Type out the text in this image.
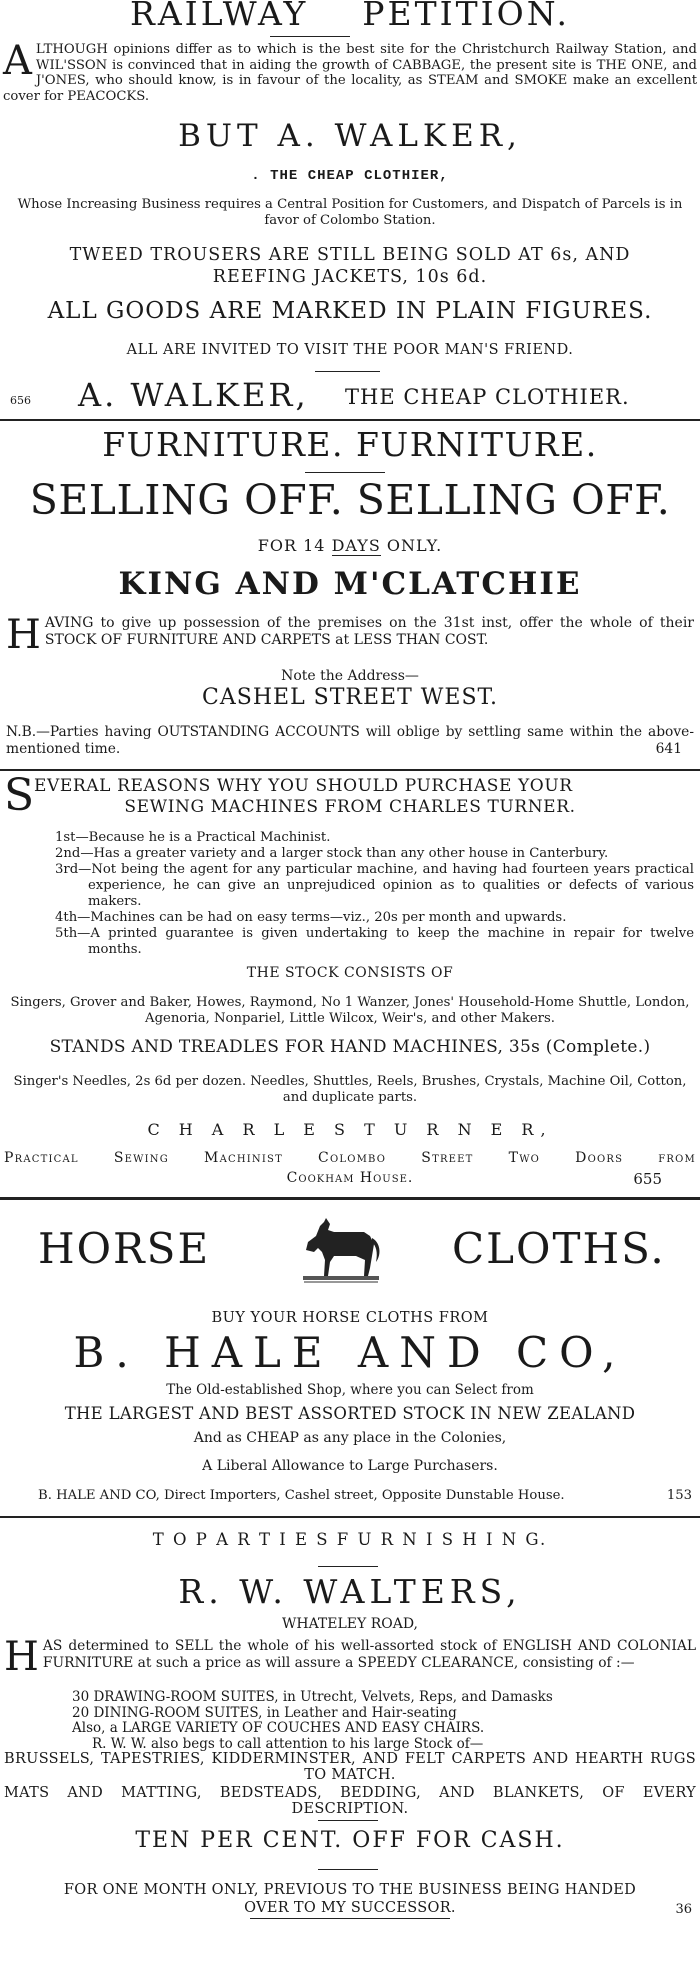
RAILWAY PETITION.
A LTHOUGH opinions differ as to which is the best site for the Christchurch Railway Station, and WIL'SSON is convinced that in aiding the growth of CABBAGE, the present site is THE ONE, and J'ONES, who should know, is in favour of the locality, as STEAM and SMOKE make an excellent cover for PEACOCKS.

BUT A. WALKER,
. THE CHEAP CLOTHIER,
Whose Increasing Business requires a Central Position for Customers, and Dispatch of Parcels is in favor of Colombo Station.
TWEED TROUSERS ARE STILL BEING SOLD AT 6s, AND
REEFING JACKETS, 10s 6d.
ALL GOODS ARE MARKED IN PLAIN FIGURES.
ALL ARE INVITED TO VISIT THE POOR MAN'S FRIEND.
656 A. WALKER, THE CHEAP CLOTHIER.
FURNITURE. FURNITURE.
SELLING OFF. SELLING OFF.
FOR 14 DAYS ONLY.
KING AND M'CLATCHIE
H AVING to give up possession of the premises on the 31st inst, offer the whole of their STOCK OF FURNITURE AND CARPETS at LESS THAN COST.

Note the Address—
CASHEL STREET WEST.

N.B.—Parties having OUTSTANDING ACCOUNTS will oblige by settling same within the above-mentioned time.	641
S EVERAL REASONS WHY YOU SHOULD PURCHASE YOUR
SEWING MACHINES FROM CHARLES TURNER.

1st—Because he is a Practical Machinist.

2nd—Has a greater variety and a larger stock than any other house in Canterbury.

3rd—Not being the agent for any particular machine, and having had fourteen years practical experience, he can give an unprejudiced opinion as to qualities or defects of various makers.

4th—Machines can be had on easy terms—viz., 20s per month and upwards.

5th—A printed guarantee is given undertaking to keep the machine in repair for twelve months.

THE STOCK CONSISTS OF
Singers, Grover and Baker, Howes, Raymond, No 1 Wanzer, Jones' Household-Home Shuttle, London, Agenoria, Nonpariel, Little Wilcox, Weir's, and other Makers.
STANDS AND TREADLES FOR HAND MACHINES, 35s (Complete.)
Singer's Needles, 2s 6d per dozen. Needles, Shuttles, Reels, Brushes, Crystals, Machine Oil, Cotton, and duplicate parts.
C H A R L E S T U R N E R,
Practical Sewing Machinist Colombo Street Two Doors from
Cookham House.	655
HORSE	CLOTHS.
BUY YOUR HORSE CLOTHS FROM
B. HALE AND CO,
The Old-established Shop, where you can Select from
THE LARGEST AND BEST ASSORTED STOCK IN NEW ZEALAND
And as CHEAP as any place in the Colonies,
A Liberal Allowance to Large Purchasers.
B. HALE AND CO, Direct Importers, Cashel street, Opposite Dunstable House.	153
T O P A R T I E S F U R N I S H I N G.
R. W. WALTERS,
WHATELEY ROAD,
H AS determined to SELL the whole of his well-assorted stock of ENGLISH AND COLONIAL FURNITURE at such a price as will assure a SPEEDY CLEARANCE, consisting of :—

30 DRAWING-ROOM SUITES, in Utrecht, Velvets, Reps, and Damasks

20 DINING-ROOM SUITES, in Leather and Hair-seating

Also, a LARGE VARIETY OF COUCHES AND EASY CHAIRS.

R. W. W. also begs to call attention to his large Stock of—

BRUSSELS, TAPESTRIES, KIDDERMINSTER, AND FELT CARPETS AND HEARTH RUGS TO MATCH.
MATS AND MATTING, BEDSTEADS, BEDDING, AND BLANKETS, OF EVERY DESCRIPTION.
TEN PER CENT. OFF FOR CASH.
FOR ONE MONTH ONLY, PREVIOUS TO THE BUSINESS BEING HANDED
OVER TO MY SUCCESSOR.	36
